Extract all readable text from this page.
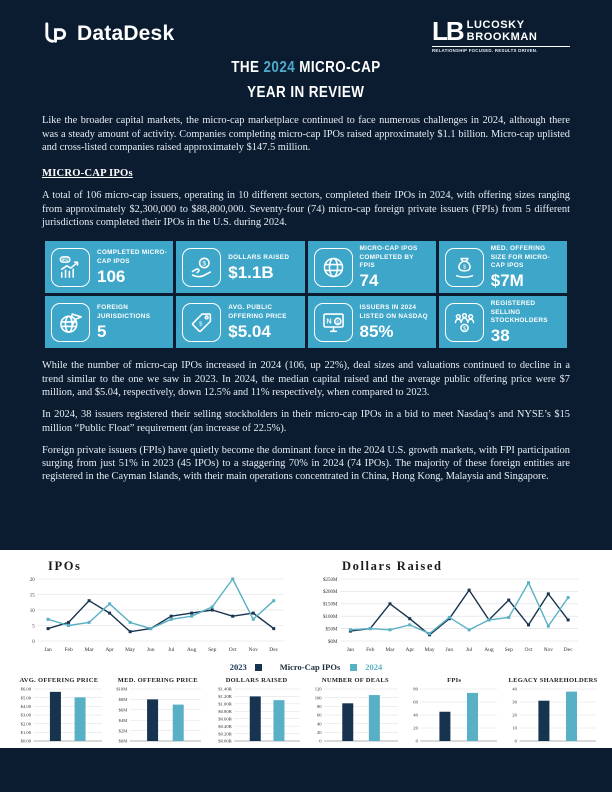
DataDesk	LB LUCOSKY
BROOKMAN
RELATIONSHIP FOCUSED. RESULTS DRIVEN.
THE 2024 MICRO-CAP
YEAR IN REVIEW

Like the broader capital markets, the micro-cap marketplace continued to face numerous challenges in 2024, although there was a steady amount of activity. Companies completing micro-cap IPOs raised approximately $1.1 billion. Micro-cap uplisted and cross-listed companies raised approximately $147.5 million.

MICRO-CAP IPOs

A total of 106 micro-cap issuers, operating in 10 different sectors, completed their IPOs in 2024, with offering sizes ranging from approximately $2,300,000 to $88,800,000. Seventy-four (74) micro-cap foreign private issuers (FPIs) from 5 different jurisdictions completed their IPOs in the U.S. during 2024.

IPO
COMPLETED MICRO-CAP IPOS
106
$
DOLLARS RAISED
$1.1B
MICRO-CAP IPOS COMPLETED BY FPIS
74
$
MED. OFFERING SIZE FOR MICRO-CAP IPOS
$7M
FOREIGN JURISDICTIONS
5	$
AVG. PUBLIC OFFERING PRICE
$5.04
N $
ISSUERS IN 2024 LISTED ON NASDAQ
85%	$
REGISTERED SELLING STOCKHOLDERS
38

While the number of micro-cap IPOs increased in 2024 (106, up 22%), deal sizes and valuations continued to decline in a trend similar to the one we saw in 2023. In 2024, the median capital raised and the average public offering price were $7 million, and $5.04, respectively, down 12.5% and 11% respectively, when compared to 2023.

In 2024, 38 issuers registered their selling stockholders in their micro-cap IPOs in a bid to meet Nasdaq’s and NYSE’s $15 million “Public Float” requirement (an increase of 22.5%).

Foreign private issuers (FPIs) have quietly become the dominant force in the 2024 U.S. growth markets, with FPI participation surging from just 51% in 2023 (45 IPOs) to a staggering 70% in 2024 (74 IPOs). The majority of these foreign entities are registered in the Cayman Islands, with their main operations concentrated in China, Hong Kong, Malaysia and Singapore.

IPOs
20
15
10
5
0
Jan Feb Mar Apr May Jun Jul Aug Sep Oct Nov Dec
Dollars Raised
$250M
$200M
$150M
$100M
$50M
$0M
Jan Feb Mar Apr May Jun Jul Aug Sep Oct Nov Dec
2023	Micro-Cap IPOs	2024
AVG. OFFERING PRICE
$6.00
$5.00
$4.00
$3.00
$2.00
$1.00
$0.00
MED. OFFERING PRICE
$10M
$8M
$6M
$4M
$2M
$0M
DOLLARS RAISED
$1.40B
$1.20B
$1.00B
$0.80B
$0.60B
$0.40B
$0.20B
$0.00B
NUMBER OF DEALS
120
100
80
60
40
20
0
FPIs
80
60
40
20
0
LEGACY SHAREHOLDERS
40
30
20
10
0
